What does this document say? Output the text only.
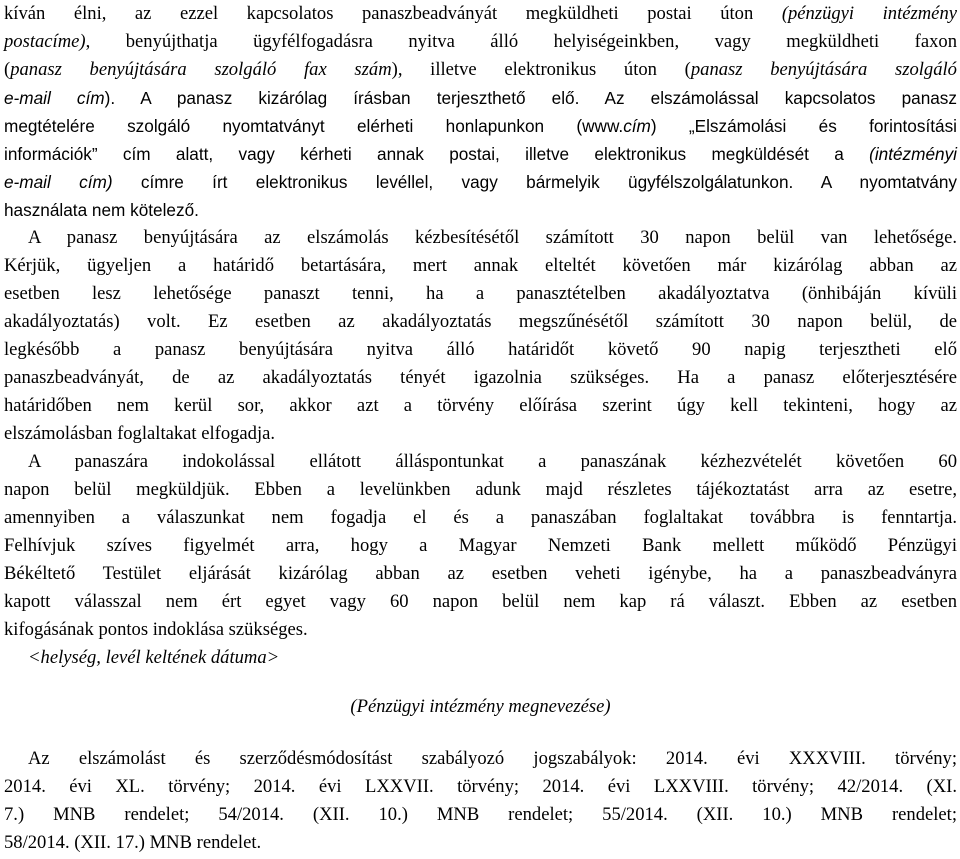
kíván élni, az ezzel kapcsolatos panaszbeadványát megküldheti postai úton (pénzügyi intézmény
postacíme), benyújthatja ügyfélfogadásra nyitva álló helyiségeinkben, vagy megküldheti faxon
(panasz benyújtására szolgáló fax szám), illetve elektronikus úton (panasz benyújtására szolgáló
e-mail cím). A panasz kizárólag írásban terjeszthető elő. Az elszámolással kapcsolatos panasz
megtételére szolgáló nyomtatványt elérheti honlapunkon (www.cím) „Elszámolási és forintosítási
információk” cím alatt, vagy kérheti annak postai, illetve elektronikus megküldését a (intézményi
e-mail cím) címre írt elektronikus levéllel, vagy bármelyik ügyfélszolgálatunkon. A nyomtatvány
használata nem kötelező.
A panasz benyújtására az elszámolás kézbesítésétől számított 30 napon belül van lehetősége.
Kérjük, ügyeljen a határidő betartására, mert annak elteltét követően már kizárólag abban az
esetben lesz lehetősége panaszt tenni, ha a panasztételben akadályoztatva (önhibáján kívüli
akadályoztatás) volt. Ez esetben az akadályoztatás megszűnésétől számított 30 napon belül, de
legkésőbb a panasz benyújtására nyitva álló határidőt követő 90 napig terjesztheti elő
panaszbeadványát, de az akadályoztatás tényét igazolnia szükséges. Ha a panasz előterjesztésére
határidőben nem kerül sor, akkor azt a törvény előírása szerint úgy kell tekinteni, hogy az
elszámolásban foglaltakat elfogadja.
A panaszára indokolással ellátott álláspontunkat a panaszának kézhezvételét követően 60
napon belül megküldjük. Ebben a levelünkben adunk majd részletes tájékoztatást arra az esetre,
amennyiben a válaszunkat nem fogadja el és a panaszában foglaltakat továbbra is fenntartja.
Felhívjuk szíves figyelmét arra, hogy a Magyar Nemzeti Bank mellett működő Pénzügyi
Békéltető Testület eljárását kizárólag abban az esetben veheti igénybe, ha a panaszbeadványra
kapott válasszal nem ért egyet vagy 60 napon belül nem kap rá választ. Ebben az esetben
kifogásának pontos indoklása szükséges.
<helység, levél keltének dátuma>
(Pénzügyi intézmény megnevezése)
Az elszámolást és szerződésmódosítást szabályozó jogszabályok: 2014. évi XXXVIII. törvény;
2014. évi XL. törvény; 2014. évi LXXVII. törvény; 2014. évi LXXVIII. törvény; 42/2014. (XI.
7.) MNB rendelet; 54/2014. (XII. 10.) MNB rendelet; 55/2014. (XII. 10.) MNB rendelet;
58/2014. (XII. 17.) MNB rendelet.
